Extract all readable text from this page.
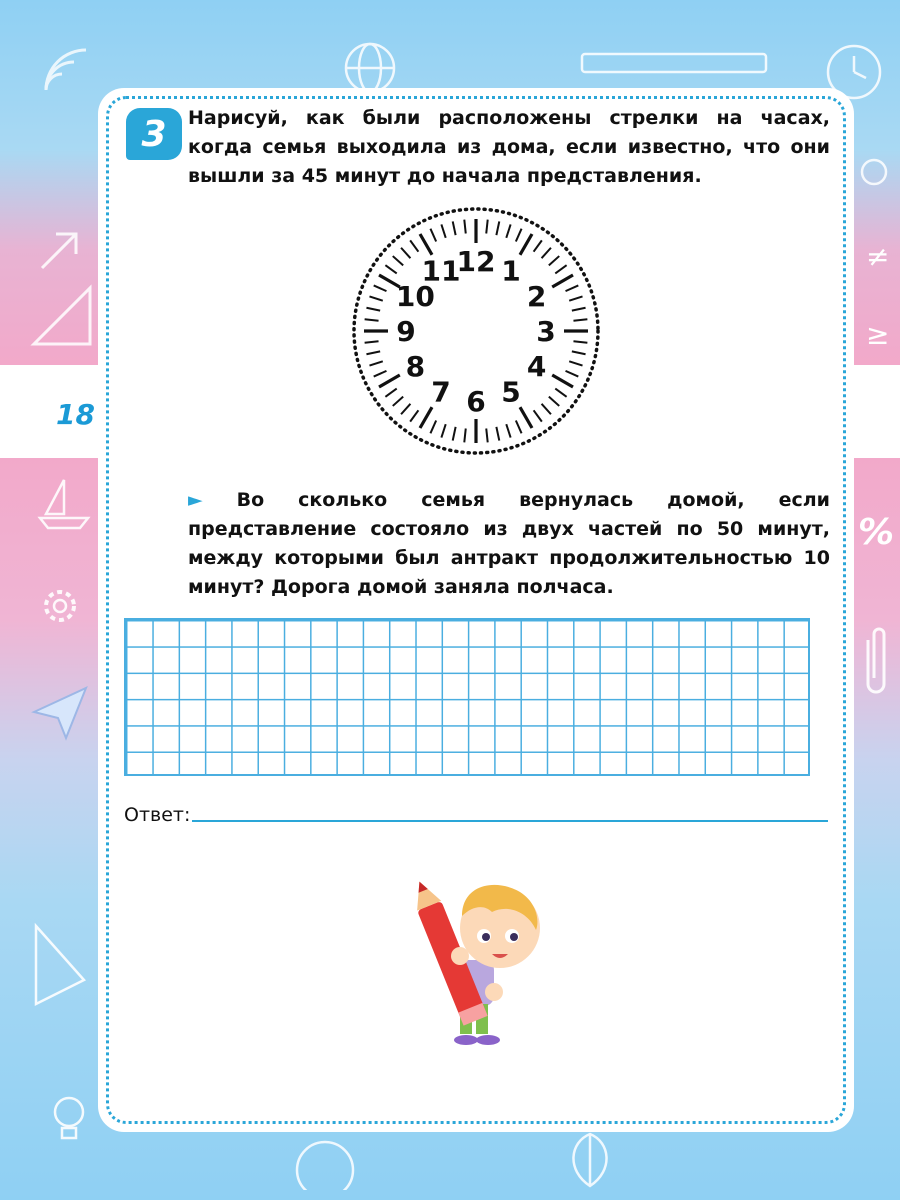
≠
≥
%
18
3	Нарисуй, как были расположены стрелки на часах, когда семья выходила из дома, если известно, что они вышли за 45 минут до начала представления.
12 1
2
3
4
5
6
7
8
9
10
11
► Во сколько семья вернулась домой, если представление состояло из двух частей по 50 минут, между которыми был антракт продолжительностью 10 минут? Дорога домой заняла полчаса.
Ответ:
